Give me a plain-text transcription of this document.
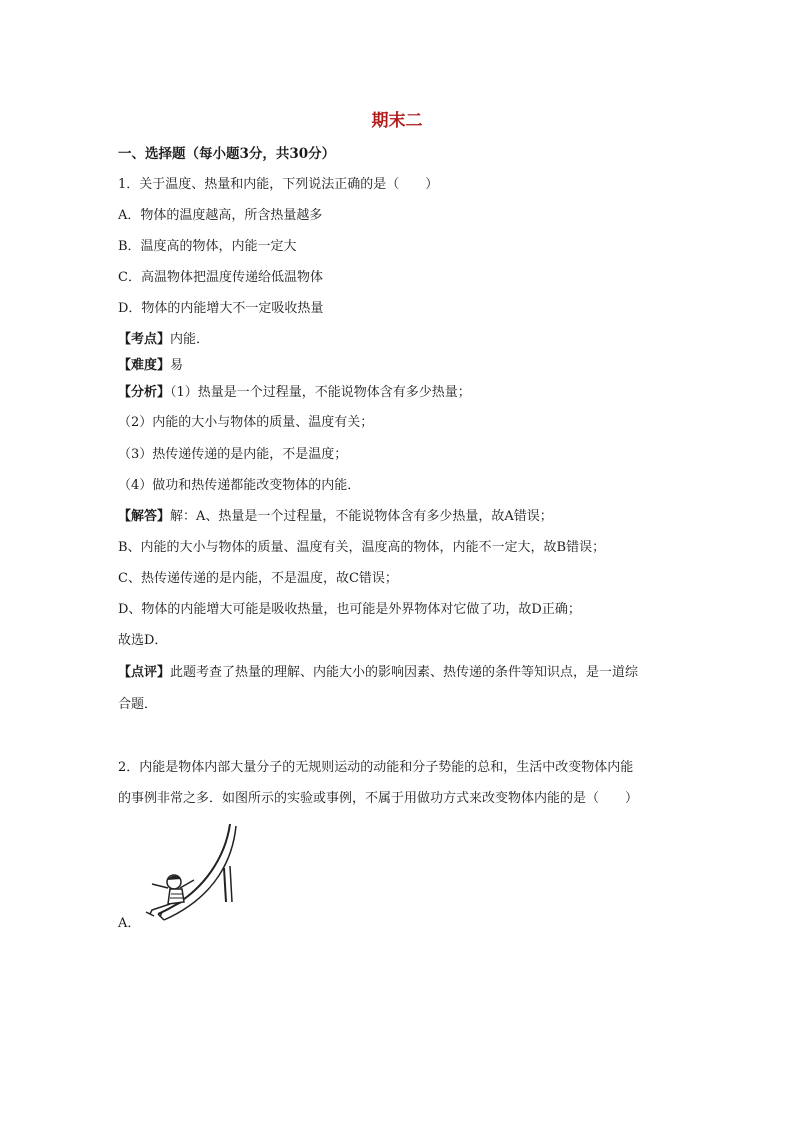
期末二
一、选择题（每小题3分，共30分）
1．关于温度、热量和内能，下列说法正确的是（　　）
A．物体的温度越高，所含热量越多
B．温度高的物体，内能一定大
C．高温物体把温度传递给低温物体
D．物体的内能增大不一定吸收热量
【考点】内能．
【难度】易
【分析】（1）热量是一个过程量，不能说物体含有多少热量；
（2）内能的大小与物体的质量、温度有关；
（3）热传递传递的是内能，不是温度；
（4）做功和热传递都能改变物体的内能．
【解答】解：A、热量是一个过程量，不能说物体含有多少热量，故A错误；
B、内能的大小与物体的质量、温度有关，温度高的物体，内能不一定大，故B错误；
C、热传递传递的是内能，不是温度，故C错误；
D、物体的内能增大可能是吸收热量，也可能是外界物体对它做了功，故D正确；
故选D．
【点评】此题考查了热量的理解、内能大小的影响因素、热传递的条件等知识点，是一道综
合题．
2．内能是物体内部大量分子的无规则运动的动能和分子势能的总和，生活中改变物体内能
的事例非常之多．如图所示的实验或事例，不属于用做功方式来改变物体内能的是（　　）
A．
